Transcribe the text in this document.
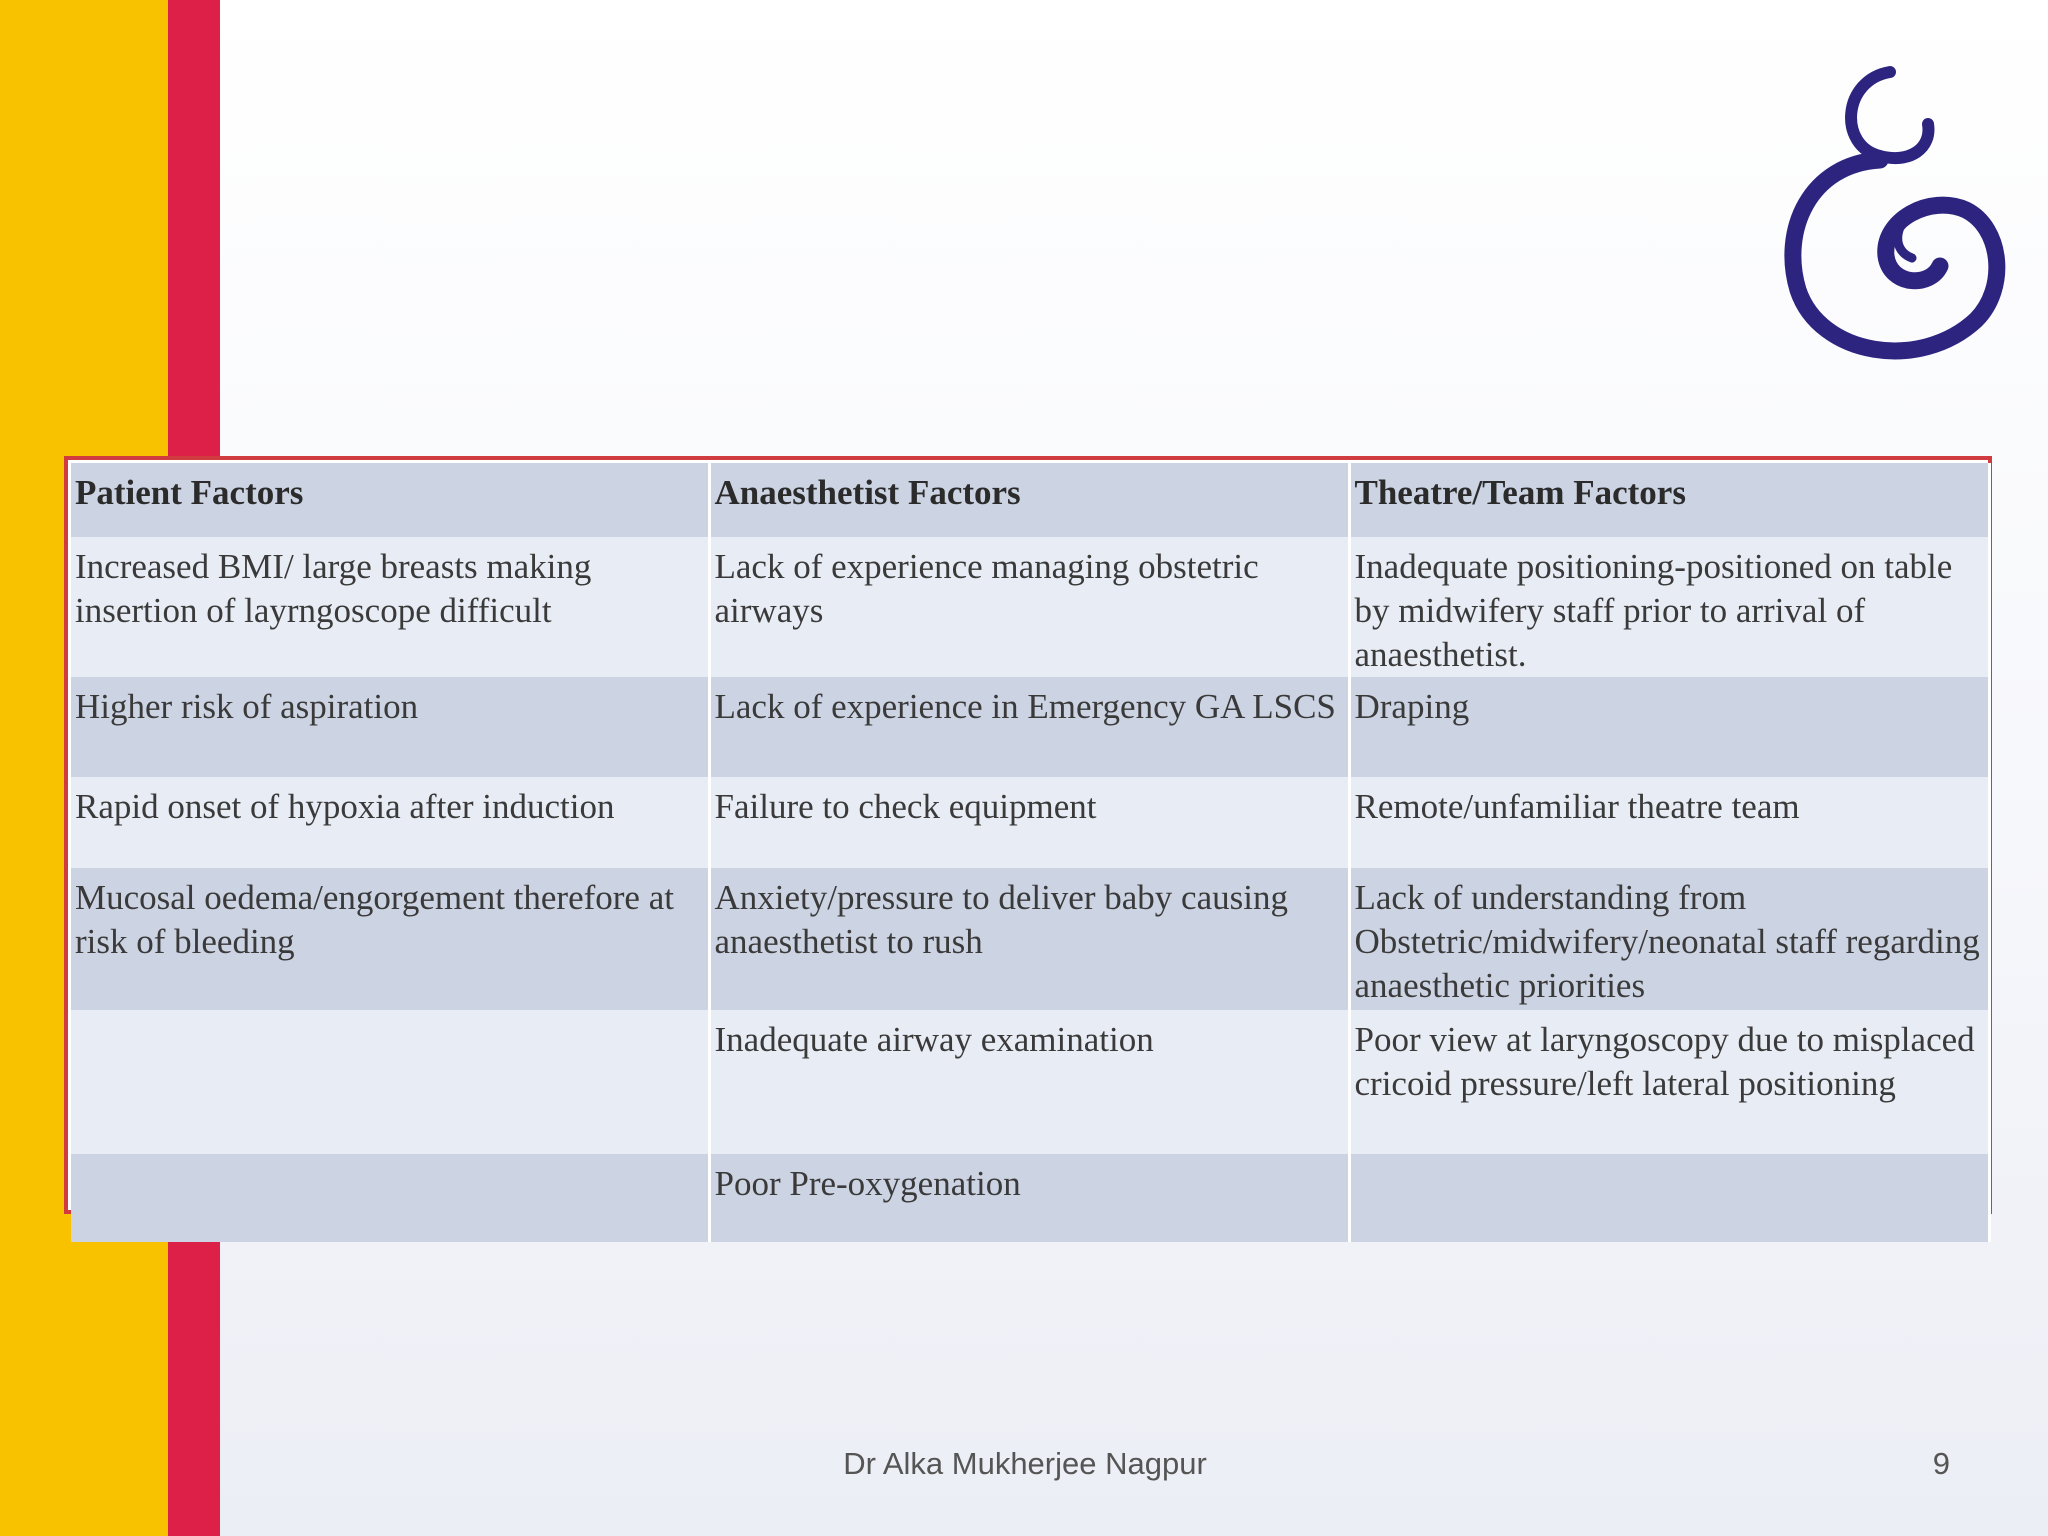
Patient Factors	Anaesthetist Factors	Theatre/Team Factors
Increased BMI/ large breasts making insertion of layrngoscope difficult	Lack of experience managing obstetric airways	Inadequate positioning-positioned on table by midwifery staff prior to arrival of anaesthetist.
Higher risk of aspiration	Lack of experience in Emergency GA LSCS	Draping
Rapid onset of hypoxia after induction	Failure to check equipment	Remote/unfamiliar theatre team
Mucosal oedema/engorgement therefore at risk of bleeding	Anxiety/pressure to deliver baby causing anaesthetist to rush	Lack of understanding from Obstetric/midwifery/neonatal staff regarding anaesthetic priorities
	Inadequate airway examination	Poor view at laryngoscopy due to misplaced cricoid pressure/left lateral positioning
	Poor Pre-oxygenation	
Dr Alka Mukherjee Nagpur	9
